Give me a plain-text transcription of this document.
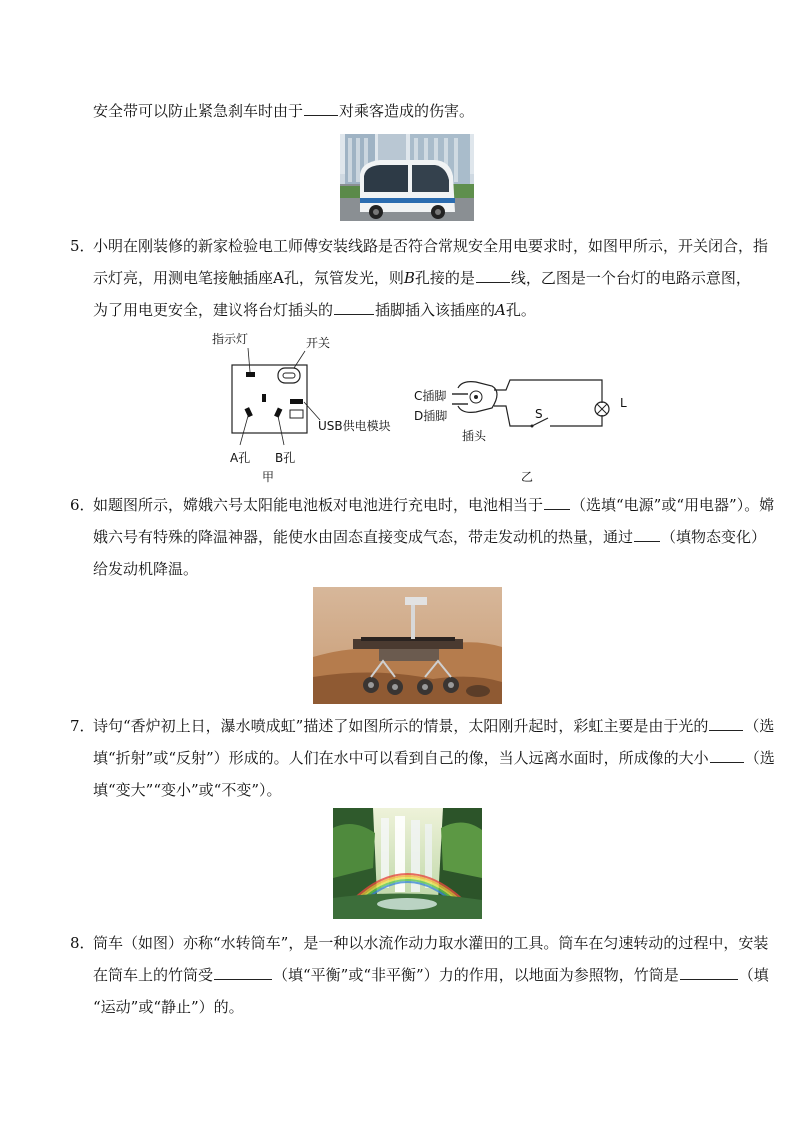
安全带可以防止紧急刹车时由于 对乘客造成的伤害。
5．小明在刚装修的新家检验电工师傅安装线路是否符合常规安全用电要求时，如图甲所示，开关闭合，指
示灯亮，用测电笔接触插座A孔，氖管发光，则B孔接的是 线，乙图是一个台灯的电路示意图，
为了用电更安全，建议将台灯插头的	插脚插入该插座的A孔。
指示灯	开关
USB供电模块
A孔 B孔
甲
C插脚
D插脚
插头
S
L
乙
6．如题图所示，嫦娥六号太阳能电池板对电池进行充电时，电池相当于 （选填“电源”或“用电器”）。嫦
娥六号有特殊的降温神器，能使水由固态直接变成气态，带走发动机的热量，通过 （填物态变化）
给发动机降温。
7．诗句“香炉初上日，瀑水喷成虹”描述了如图所示的情景，太阳刚升起时，彩虹主要是由于光的 （选
填“折射”或“反射”）形成的。人们在水中可以看到自己的像，当人远离水面时，所成像的大小 （选
填“变大”“变小”或“不变”）。
8．筒车（如图）亦称“水转筒车”，是一种以水流作动力取水灌田的工具。筒车在匀速转动的过程中，安装
在筒车上的竹筒受	（填“平衡”或“非平衡”）力的作用，以地面为参照物，竹筒是	（填
“运动”或“静止”）的。
